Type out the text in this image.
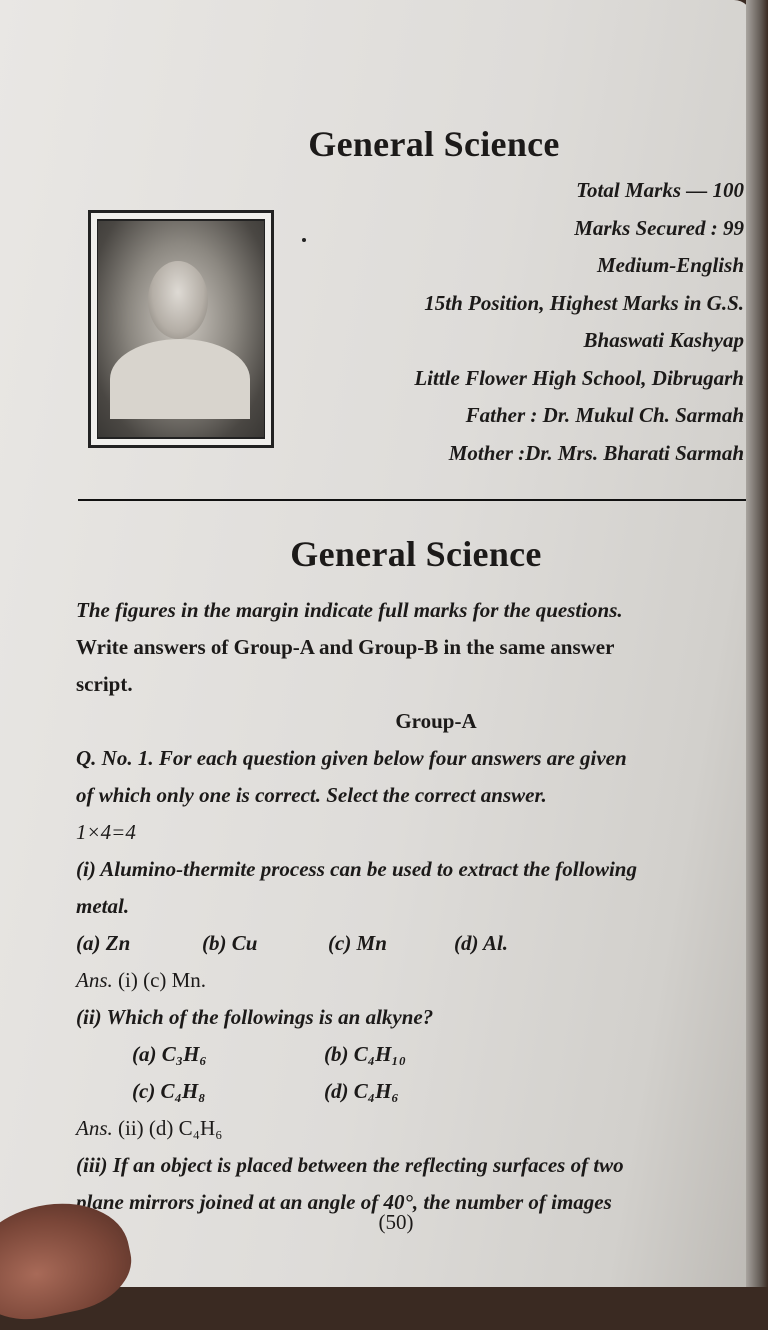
General Science
Total Marks — 100
Marks Secured : 99
Medium-English
15th Position, Highest Marks in G.S.
Bhaswati Kashyap
Little Flower High School, Dibrugarh
Father : Dr. Mukul Ch. Sarmah
Mother :Dr. Mrs. Bharati Sarmah
General Science
The figures in the margin indicate full marks for the questions.
Write answers of Group-A and Group-B in the same answer
script.
Group-A
Q. No. 1. For each question given below four answers are given
of which only one is correct. Select the correct answer.
1×4=4
(i) Alumino-thermite process can be used to extract the following
metal.
(a) Zn	(b) Cu	(c) Mn	(d) Al.
Ans. (i) (c) Mn.
(ii) Which of the followings is an alkyne?
(a) C₃H₆	(b) C₄H₁₀
(c) C₄H₈	(d) C₄H₆
Ans. (ii) (d) C₄H₆
(iii) If an object is placed between the reflecting surfaces of two
plane mirrors joined at an angle of 40°, the number of images
(50)
